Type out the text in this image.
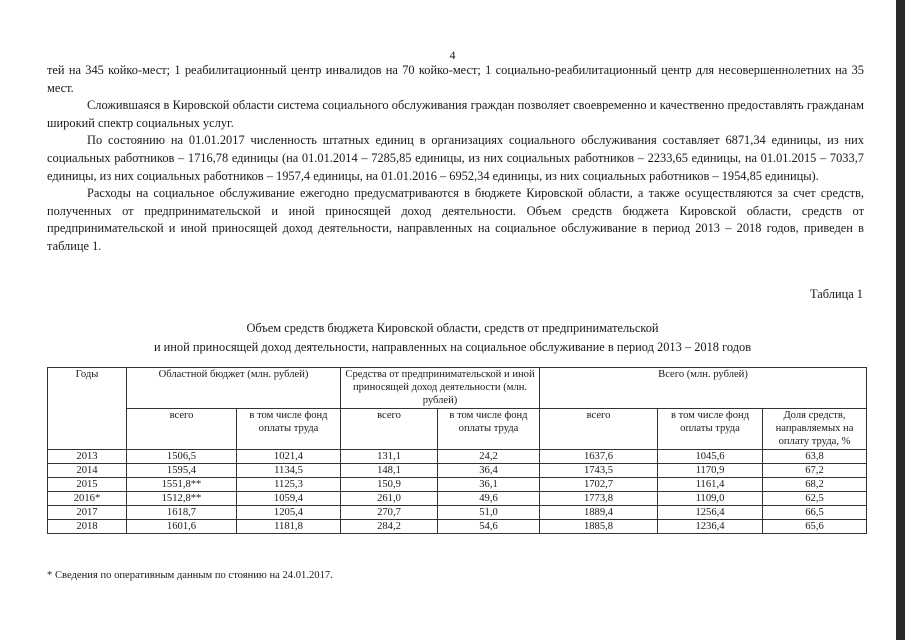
4

тей на 345 койко-мест; 1 реабилитационный центр инвалидов на 70 койко-мест; 1 социально-реабилитационный центр для несовершеннолетних на 35 мест.

Сложившаяся в Кировской области система социального обслуживания граждан позволяет своевременно и качественно предоставлять гражданам широкий спектр социальных услуг.

По состоянию на 01.01.2017 численность штатных единиц в организациях социального обслуживания составляет 6871,34 единицы, из них социальных работников – 1716,78 единицы (на 01.01.2014 – 7285,85 единицы, из них социальных работников – 2233,65 единицы, на 01.01.2015 – 7033,7 единицы, из них социальных работников – 1957,4 единицы, на 01.01.2016 – 6952,34 единицы, из них социальных работников – 1954,85 единицы).

Расходы на социальное обслуживание ежегодно предусматриваются в бюджете Кировской области, а также осуществляются за счет средств, полученных от предпринимательской и иной приносящей доход деятельности. Объем средств бюджета Кировской области, средств от предпринимательской и иной приносящей доход деятельности, направленных на социальное обслуживание в период 2013 – 2018 годов, приведен в таблице 1.

Таблица 1
Объем средств бюджета Кировской области, средств от предпринимательской
и иной приносящей доход деятельности, направленных на социальное обслуживание в период 2013 – 2018 годов
Годы	Областной бюджет (млн. рублей)		Средства от предпринимательской и иной приносящей доход деятельности (млн. рублей)		Всего (млн. рублей)		
	всего	в том числе фонд оплаты труда	всего	в том числе фонд оплаты труда	всего	в том числе фонд оплаты труда	Доля средств, направляемых на оплату труда, %
2013	1506,5	1021,4	131,1	24,2	1637,6	1045,6	63,8
2014	1595,4	1134,5	148,1	36,4	1743,5	1170,9	67,2
2015	1551,8**	1125,3	150,9	36,1	1702,7	1161,4	68,2
2016*	1512,8**	1059,4	261,0	49,6	1773,8	1109,0	62,5
2017	1618,7	1205,4	270,7	51,0	1889,4	1256,4	66,5
2018	1601,6	1181,8	284,2	54,6	1885,8	1236,4	65,6
* Сведения по оперативным данным по стоянию на 24.01.2017.
